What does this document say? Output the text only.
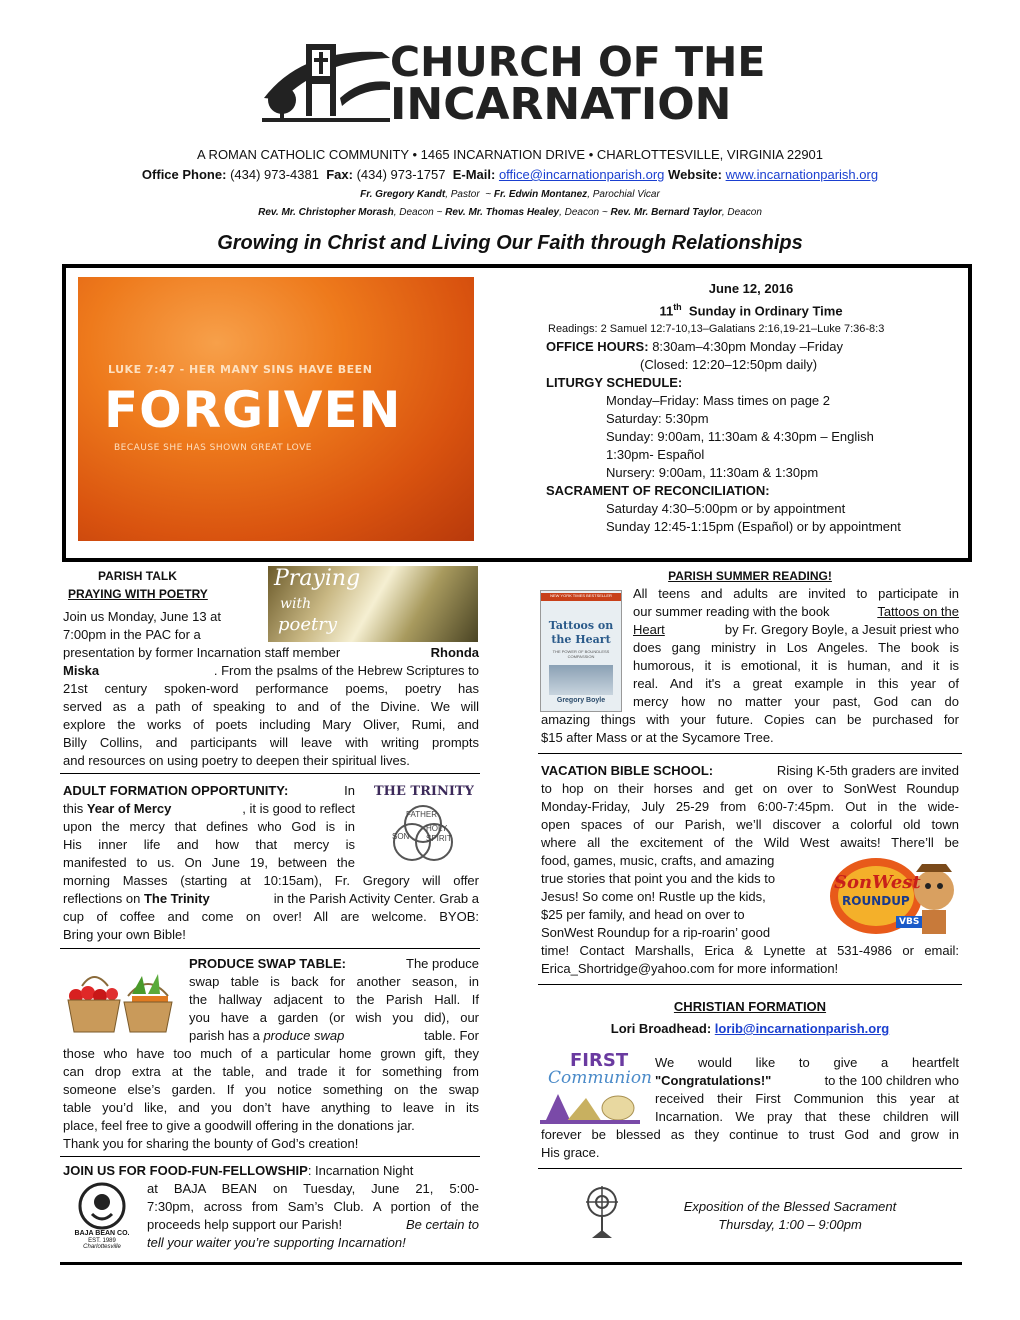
CHURCH OF THE
INCARNATION
A ROMAN CATHOLIC COMMUNITY • 1465 INCARNATION DRIVE • CHARLOTTESVILLE, VIRGINIA 22901
Office Phone: (434) 973-4381 Fax: (434) 973-1757 E-Mail: office@incarnationparish.org Website: www.incarnationparish.org
Fr. Gregory Kandt, Pastor  ~ Fr. Edwin Montanez, Parochial Vicar
Rev. Mr. Christopher Morash, Deacon ~ Rev. Mr. Thomas Healey, Deacon ~ Rev. Mr. Bernard Taylor, Deacon
Growing in Christ and Living Our Faith through Relationships
LUKE 7:47 - HER MANY SINS HAVE BEEN
FORGIVEN
BECAUSE SHE HAS SHOWN GREAT LOVE
June 12, 2016
11th Sunday in Ordinary Time
Readings: 2 Samuel 12:7-10,13–Galatians 2:16,19-21–Luke 7:36-8:3
OFFICE HOURS: 8:30am–4:30pm Monday –Friday
(Closed: 12:20–12:50pm daily)
LITURGY SCHEDULE:
Monday–Friday: Mass times on page 2
Saturday: 5:30pm
Sunday: 9:00am, 11:30am & 4:30pm – English
1:30pm- Español
Nursery: 9:00am, 11:30am & 1:30pm
SACRAMENT OF RECONCILIATION:
Saturday 4:30–5:00pm or by appointment
Sunday 12:45-1:15pm (Español) or by appointment
PARISH TALK
PRAYING WITH POETRY
Praying
with
poetry
Join us Monday, June 13 at
7:00pm in the PAC for a
presentation by former Incarnation staff member	Rhonda
Miska	. From the psalms of the Hebrew Scriptures to
21st century spoken-word performance poems, poetry has
served as a path of speaking to and of the Divine. We will
explore the works of poets including Mary Oliver, Rumi, and
Billy Collins, and participants will leave with writing prompts
and resources on using poetry to deepen their spiritual lives.
ADULT FORMATION OPPORTUNITY:	In
this Year of Mercy	, it is good to reflect
upon the mercy that defines who God is in
His inner life and how that mercy is
manifested to us. On June 19, between the
morning Masses (starting at 10:15am), Fr. Gregory will offer
reflections on The Trinity	in the Parish Activity Center. Grab a
cup of coffee and come on over! All are welcome. BYOB:
Bring your own Bible!
THE TRINITY
FATHER
SON
HOLY
SPIRIT
PRODUCE SWAP TABLE:	The produce
swap table is back for another season, in
the hallway adjacent to the Parish Hall. If
you have a garden (or wish you did), our
parish has a produce swap	table. For
those who have too much of a particular home grown gift, they
can drop extra at the table, and trade it for something from
someone else’s garden. If you notice something on the swap
table you’d like, and you don’t have anything to leave in its
place, feel free to give a goodwill offering in the donations jar.
Thank you for sharing the bounty of God’s creation!
JOIN US FOR FOOD-FUN-FELLOWSHIP: Incarnation Night
BAJA BEAN CO.
EST. 1989
Charlottesville
at BAJA BEAN on Tuesday, June 21, 5:00-
7:30pm, across from Sam’s Club. A portion of the
proceeds help support our Parish!	Be certain to
tell your waiter you’re supporting Incarnation!
PARISH SUMMER READING!
NEW YORK TIMES BESTSELLER
Tattoos on
the Heart
THE POWER OF BOUNDLESS COMPASSION
Gregory Boyle
All teens and adults are invited to participate in
our summer reading with the book	Tattoos on the
Heart	by Fr. Gregory Boyle, a Jesuit priest who
does gang ministry in Los Angeles. The book is
humorous, it is emotional, it is human, and it is
real. And it's a great example in this year of
mercy how no matter your past, God can do
amazing things with your future. Copies can be purchased for
$15 after Mass or at the Sycamore Tree.
VACATION BIBLE SCHOOL:	Rising K-5th graders are invited
to hop on their horses and get on over to SonWest Roundup
Monday-Friday, July 25-29 from 6:00-7:45pm. Out in the wide-
open spaces of our Parish, we’ll discover a colorful old town
where all the excitement of the Wild West awaits! There’ll be
food, games, music, crafts, and amazing
true stories that point you and the kids to
Jesus! So come on! Rustle up the kids,
$25 per family, and head on over to
SonWest Roundup for a rip-roarin’ good
time! Contact Marshalls, Erica & Lynette at 531-4986 or email:
Erica_Shortridge@yahoo.com for more information!
SonWest
ROUNDUP
VBS
CHRISTIAN FORMATION
Lori Broadhead: lorib@incarnationparish.org
FIRST
Communion
We would like to give a heartfelt
"Congratulations!"	to the 100 children who
received their First Communion this year at
Incarnation. We pray that these children will
forever be blessed as they continue to trust God and grow in
His grace.
Exposition of the Blessed Sacrament
Thursday, 1:00 – 9:00pm
